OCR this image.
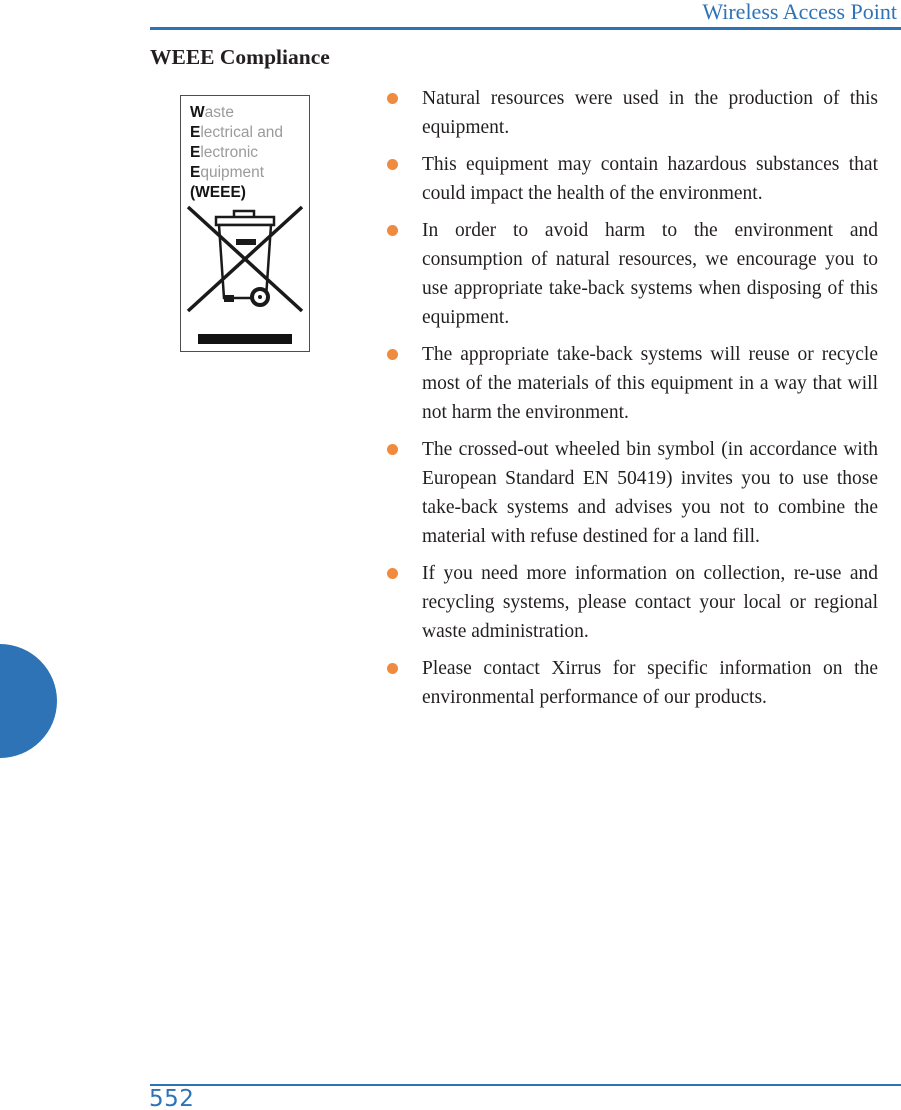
Wireless Access Point
WEEE Compliance
Waste
Electrical and
Electronic
Equipment
(WEEE)
Natural resources were used in the production of this equipment.
This equipment may contain hazardous substances that could impact the health of the environment.
In order to avoid harm to the environment and consumption of natural resources, we encourage you to use appropriate take-back systems when disposing of this equipment.
The appropriate take-back systems will reuse or recycle most of the materials of this equipment in a way that will not harm the environment.
The crossed-out wheeled bin symbol (in accordance with European Standard EN 50419) invites you to use those take-back systems and advises you not to combine the material with refuse destined for a land fill.
If you need more information on collection, re-use and recycling systems, please contact your local or regional waste administration.
Please contact Xirrus for specific information on the environmental performance of our products.
552
